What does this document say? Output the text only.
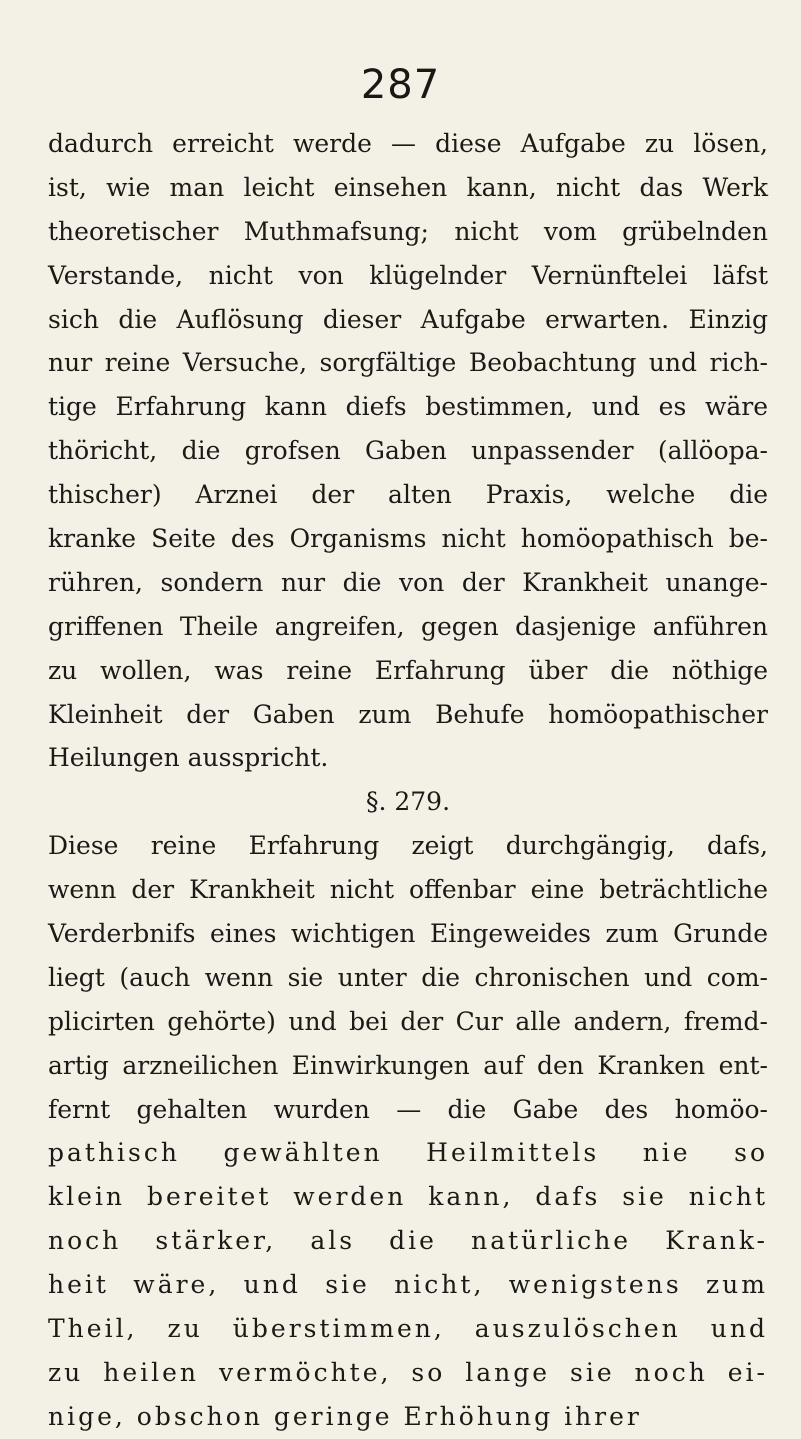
287
dadurch erreicht werde — diese Aufgabe zu lösen,
ist, wie man leicht einsehen kann, nicht das Werk
theoretischer Muthmafsung; nicht vom grübelnden
Verstande, nicht von klügelnder Vernünftelei läfst
sich die Auflösung dieser Aufgabe erwarten. Einzig
nur reine Versuche, sorgfältige Beobachtung und rich-
tige Erfahrung kann diefs bestimmen, und es wäre
thöricht, die grofsen Gaben unpassender (allöopa-
thischer) Arznei der alten Praxis, welche die
kranke Seite des Organisms nicht homöopathisch be-
rühren, sondern nur die von der Krankheit unange-
griffenen Theile angreifen, gegen dasjenige anführen
zu wollen, was reine Erfahrung über die nöthige
Kleinheit der Gaben zum Behufe homöopathischer
Heilungen ausspricht.
§. 279.
Diese reine Erfahrung zeigt durchgängig, dafs,
wenn der Krankheit nicht offenbar eine beträchtliche
Verderbnifs eines wichtigen Eingeweides zum Grunde
liegt (auch wenn sie unter die chronischen und com-
plicirten gehörte) und bei der Cur alle andern, fremd-
artig arzneilichen Einwirkungen auf den Kranken ent-
fernt gehalten wurden — die Gabe des homöo-
pathisch gewählten Heilmittels nie so
klein bereitet werden kann, dafs sie nicht
noch stärker, als die natürliche Krank-
heit wäre, und sie nicht, wenigstens zum
Theil, zu überstimmen, auszulöschen und
zu heilen vermöchte, so lange sie noch ei-
nige, obschon geringe Erhöhung ihrer
